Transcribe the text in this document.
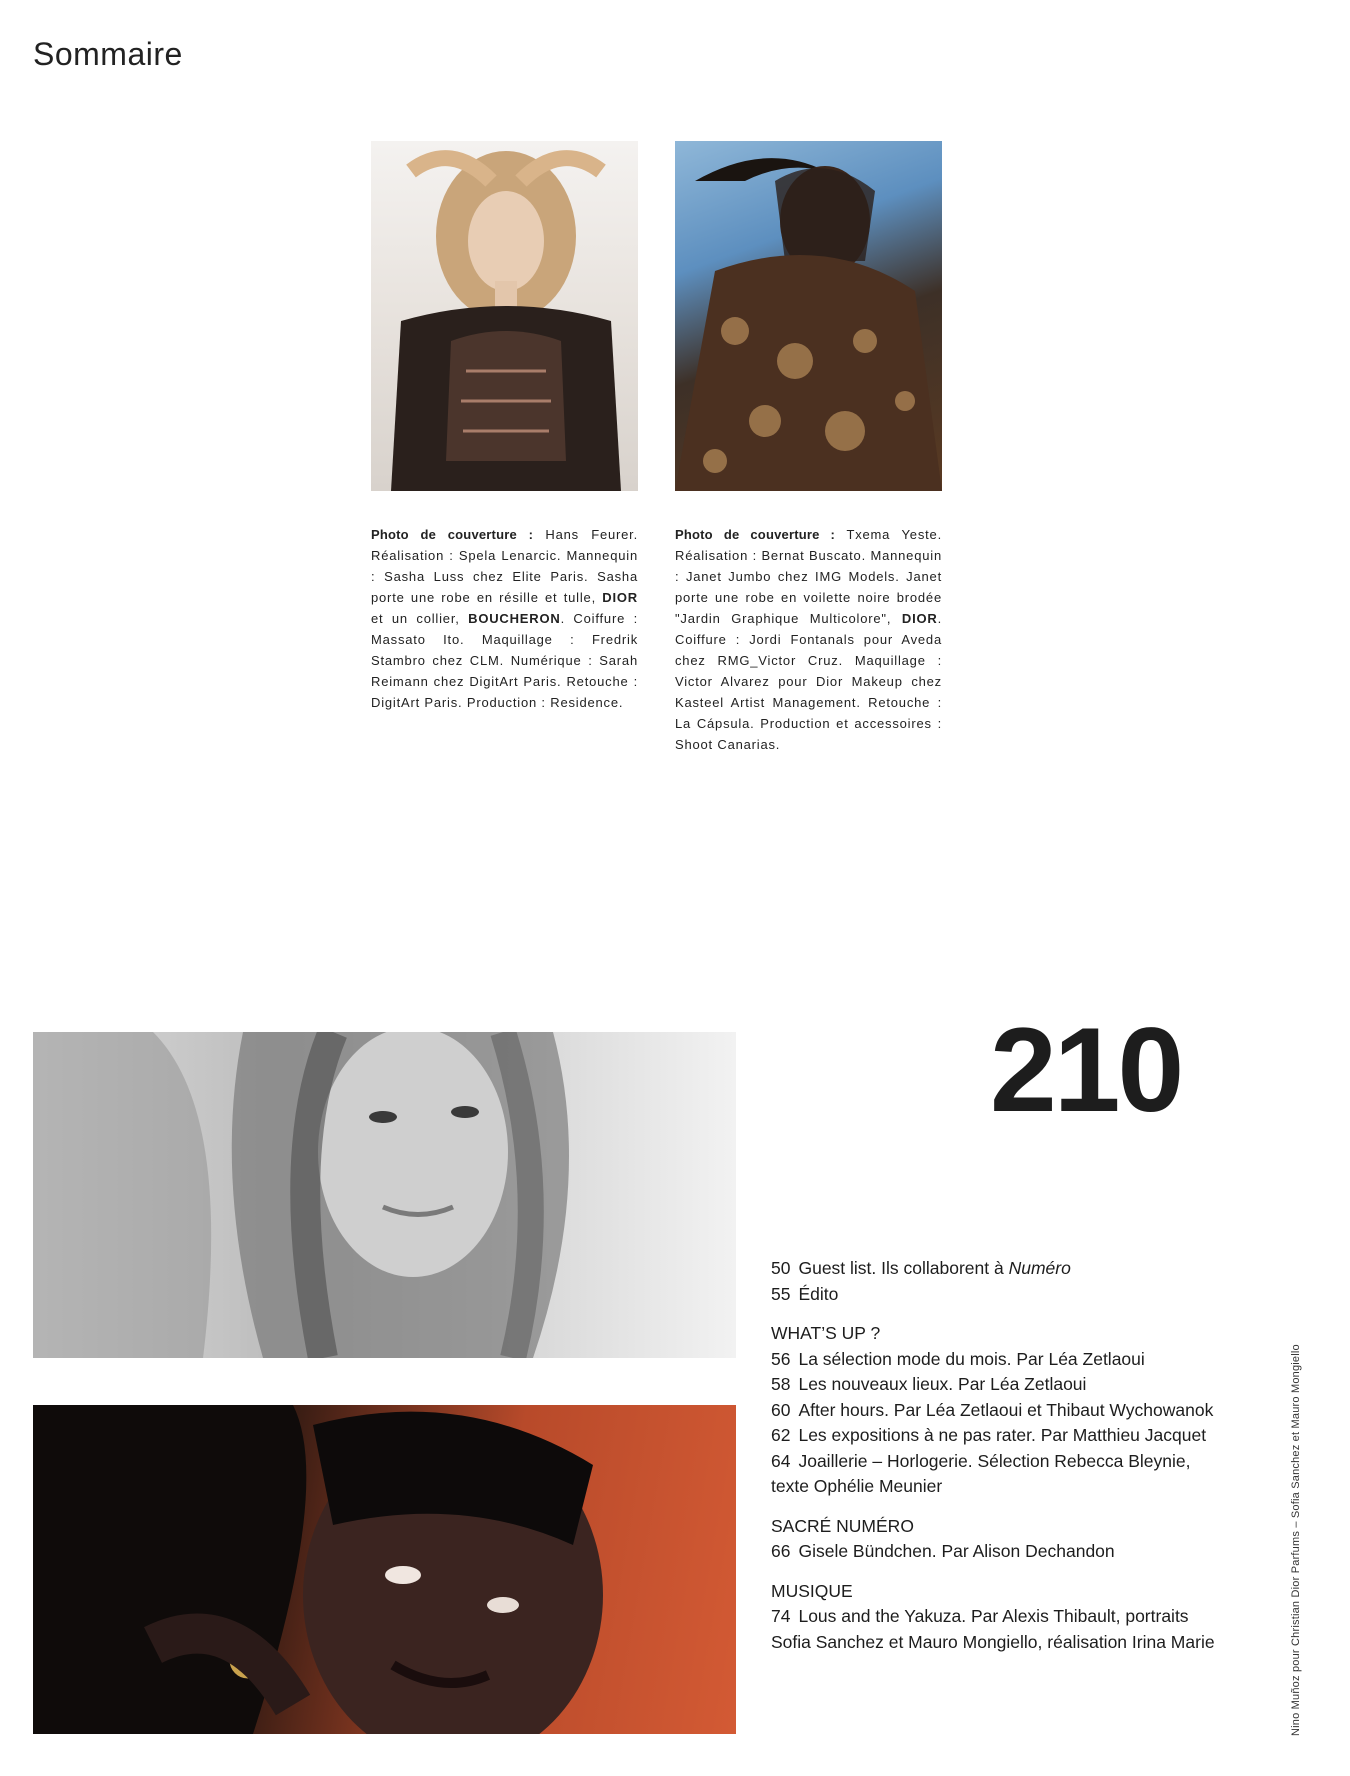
Sommaire
Photo de couverture : Hans Feurer. Réalisation : Spela Lenarcic. Mannequin : Sasha Luss chez Elite Paris. Sasha porte une robe en résille et tulle, DIOR et un collier, BOUCHERON. Coiffure : Massato Ito. Maquillage : Fredrik Stambro chez CLM. Numérique : Sarah Reimann chez DigitArt Paris. Retouche : DigitArt Paris. Production : Residence.
Photo de couverture : Txema Yeste. Réalisation : Bernat Buscato. Mannequin : Janet Jumbo chez IMG Models. Janet porte une robe en voilette noire brodée "Jardin Graphique Multicolore", DIOR. Coiffure : Jordi Fontanals pour Aveda chez RMG_Victor Cruz. Maquillage : Victor Alvarez pour Dior Makeup chez Kasteel Artist Management. Retouche : La Cápsula. Production et accessoires : Shoot Canarias.
210
50 Guest list. Ils collaborent à Numéro
55 Édito
WHAT’S UP ?
56 La sélection mode du mois. Par Léa Zetlaoui
58 Les nouveaux lieux. Par Léa Zetlaoui
60 After hours. Par Léa Zetlaoui et Thibaut Wychowanok
62 Les expositions à ne pas rater. Par Matthieu Jacquet
64 Joaillerie – Horlogerie. Sélection Rebecca Bleynie, texte Ophélie Meunier
SACRÉ NUMÉRO
66 Gisele Bündchen. Par Alison Dechandon
MUSIQUE
74 Lous and the Yakuza. Par Alexis Thibault, portraits Sofia Sanchez et Mauro Mongiello, réalisation Irina Marie	Nino Muñoz pour Christian Dior Parfums – Sofia Sanchez et Mauro Mongiello
